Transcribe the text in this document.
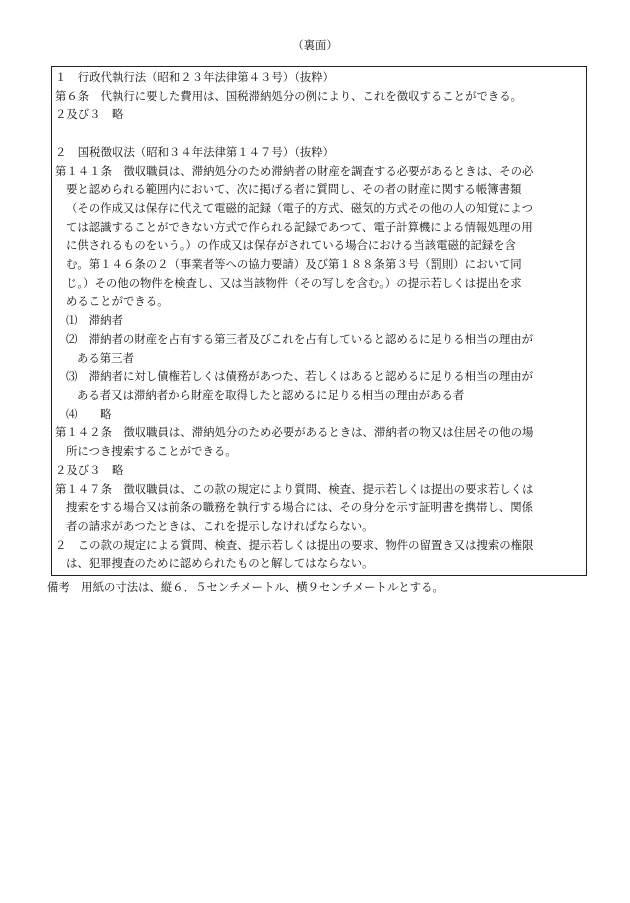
（裏面）
１　行政代執行法（昭和２３年法律第４３号）（抜粋）
第６条　代執行に要した費用は、国税滞納処分の例により、これを徴収することができる。
２及び３　略
２　国税徴収法（昭和３４年法律第１４７号）（抜粋）
第１４１条　徴収職員は、滞納処分のため滞納者の財産を調査する必要があるときは、その必
要と認められる範囲内において、次に掲げる者に質問し、その者の財産に関する帳簿書類
（その作成又は保存に代えて電磁的記録（電子的方式、磁気的方式その他の人の知覚によつ
ては認識することができない方式で作られる記録であつて、電子計算機による情報処理の用
に供されるものをいう。）の作成又は保存がされている場合における当該電磁的記録を含
む。第１４６条の２（事業者等への協力要請）及び第１８８条第３号（罰則）において同
じ。）その他の物件を検査し、又は当該物件（その写しを含む。）の提示若しくは提出を求
めることができる。
⑴　滞納者
⑵　滞納者の財産を占有する第三者及びこれを占有していると認めるに足りる相当の理由が
ある第三者
⑶　滞納者に対し債権若しくは債務があつた、若しくはあると認めるに足りる相当の理由が
ある者又は滞納者から財産を取得したと認めるに足りる相当の理由がある者
⑷　　略
第１４２条　徴収職員は、滞納処分のため必要があるときは、滞納者の物又は住居その他の場
所につき捜索することができる。
２及び３　略
第１４７条　徴収職員は、この款の規定により質問、検査、提示若しくは提出の要求若しくは
捜索をする場合又は前条の職務を執行する場合には、その身分を示す証明書を携帯し、関係
者の請求があつたときは、これを提示しなければならない。
２　この款の規定による質問、検査、提示若しくは提出の要求、物件の留置き又は捜索の権限
は、犯罪捜査のために認められたものと解してはならない。
備考　用紙の寸法は、縦６．５センチメートル、横９センチメートルとする。
